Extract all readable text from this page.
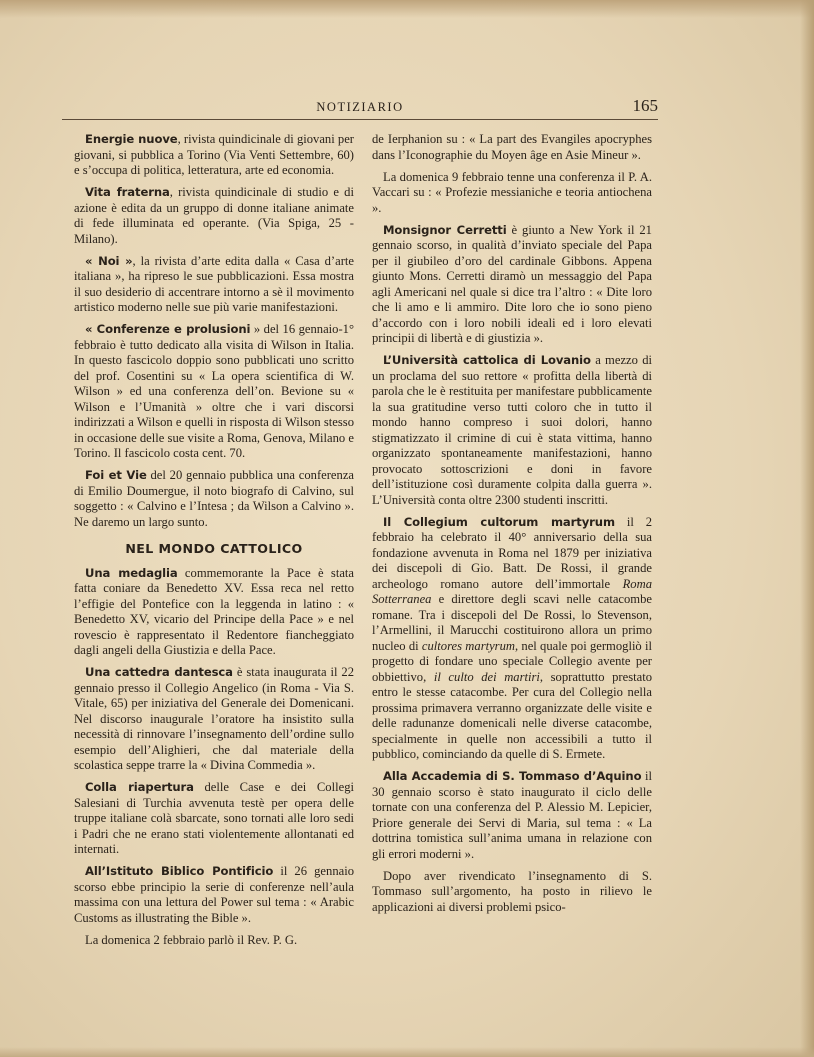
NOTIZIARIO	165

Energie nuove, rivista quindicinale di giovani per giovani, si pubblica a Torino (Via Venti Settembre, 60) e s’occupa di politica, letteratura, arte ed economia.

Vita fraterna, rivista quindicinale di studio e di azione è edita da un gruppo di donne italiane animate di fede illuminata ed operante. (Via Spiga, 25 - Milano).

« Noi », la rivista d’arte edita dalla « Casa d’arte italiana », ha ripreso le sue pubblicazioni. Essa mostra il suo desiderio di accentrare intorno a sè il movimento artistico moderno nelle sue più varie manifestazioni.

« Conferenze e prolusioni » del 16 gennaio-1° febbraio è tutto dedicato alla visita di Wilson in Italia. In questo fascicolo doppio sono pubblicati uno scritto del prof. Cosentini su « La opera scientifica di W. Wilson » ed una conferenza dell’on. Bevione su « Wilson e l’Umanità » oltre che i vari discorsi indirizzati a Wilson e quelli in risposta di Wilson stesso in occasione delle sue visite a Roma, Genova, Milano e Torino. Il fascicolo costa cent. 70.

Foi et Vie del 20 gennaio pubblica una conferenza di Emilio Doumergue, il noto biografo di Calvino, sul soggetto : « Calvino e l’Intesa ; da Wilson a Calvino ». Ne daremo un largo sunto.

NEL MONDO CATTOLICO

Una medaglia commemorante la Pace è stata fatta coniare da Benedetto XV. Essa reca nel retto l’effigie del Pontefice con la leggenda in latino : « Benedetto XV, vicario del Principe della Pace » e nel rovescio è rappresentato il Redentore fiancheggiato dagli angeli della Giustizia e della Pace.

Una cattedra dantesca è stata inaugurata il 22 gennaio presso il Collegio Angelico (in Roma - Via S. Vitale, 65) per iniziativa del Generale dei Domenicani. Nel discorso inaugurale l’oratore ha insistito sulla necessità di rinnovare l’insegnamento dell’ordine sullo esempio dell’Alighieri, che dal materiale della scolastica seppe trarre la « Divina Commedia ».

Colla riapertura delle Case e dei Collegi Salesiani di Turchia avvenuta testè per opera delle truppe italiane colà sbarcate, sono tornati alle loro sedi i Padri che ne erano stati violentemente allontanati ed internati.

All’Istituto Biblico Pontificio il 26 gennaio scorso ebbe principio la serie di conferenze nell’aula massima con una lettura del Power sul tema : « Arabic Customs as illustrating the Bible ».

La domenica 2 febbraio parlò il Rev. P. G.

de Ierphanion su : « La part des Evangiles apocryphes dans l’Iconographie du Moyen âge en Asie Mineur ».

La domenica 9 febbraio tenne una conferenza il P. A. Vaccari su : « Profezie messianiche e teoria antiochena ».

Monsignor Cerretti è giunto a New York il 21 gennaio scorso, in qualità d’inviato speciale del Papa per il giubileo d’oro del cardinale Gibbons. Appena giunto Mons. Cerretti diramò un messaggio del Papa agli Americani nel quale si dice tra l’altro : « Dite loro che li amo e li ammiro. Dite loro che io sono pieno d’accordo con i loro nobili ideali ed i loro elevati principii di libertà e di giustizia ».

L’Università cattolica di Lovanio a mezzo di un proclama del suo rettore « profitta della libertà di parola che le è restituita per manifestare pubblicamente la sua gratitudine verso tutti coloro che in tutto il mondo hanno compreso i suoi dolori, hanno stigmatizzato il crimine di cui è stata vittima, hanno organizzato spontaneamente manifestazioni, hanno provocato sottoscrizioni e doni in favore dell’istituzione così duramente colpita dalla guerra ». L’Università conta oltre 2300 studenti inscritti.

Il Collegium cultorum martyrum il 2 febbraio ha celebrato il 40° anniversario della sua fondazione avvenuta in Roma nel 1879 per iniziativa dei discepoli di Gio. Batt. De Rossi, il grande archeologo romano autore dell’immortale Roma Sotterranea e direttore degli scavi nelle catacombe romane. Tra i discepoli del De Rossi, lo Stevenson, l’Armellini, il Marucchi costituirono allora un primo nucleo di cultores martyrum, nel quale poi germogliò il progetto di fondare uno speciale Collegio avente per obbiettivo, il culto dei martiri, soprattutto prestato entro le stesse catacombe. Per cura del Collegio nella prossima primavera verranno organizzate delle visite e delle radunanze domenicali nelle diverse catacombe, specialmente in quelle non accessibili a tutto il pubblico, cominciando da quelle di S. Ermete.

Alla Accademia di S. Tommaso d’Aquino il 30 gennaio scorso è stato inaugurato il ciclo delle tornate con una conferenza del P. Alessio M. Lepicier, Priore generale dei Servi di Maria, sul tema : « La dottrina tomistica sull’anima umana in relazione con gli errori moderni ».

Dopo aver rivendicato l’insegnamento di S. Tommaso sull’argomento, ha posto in rilievo le applicazioni ai diversi problemi psico-
